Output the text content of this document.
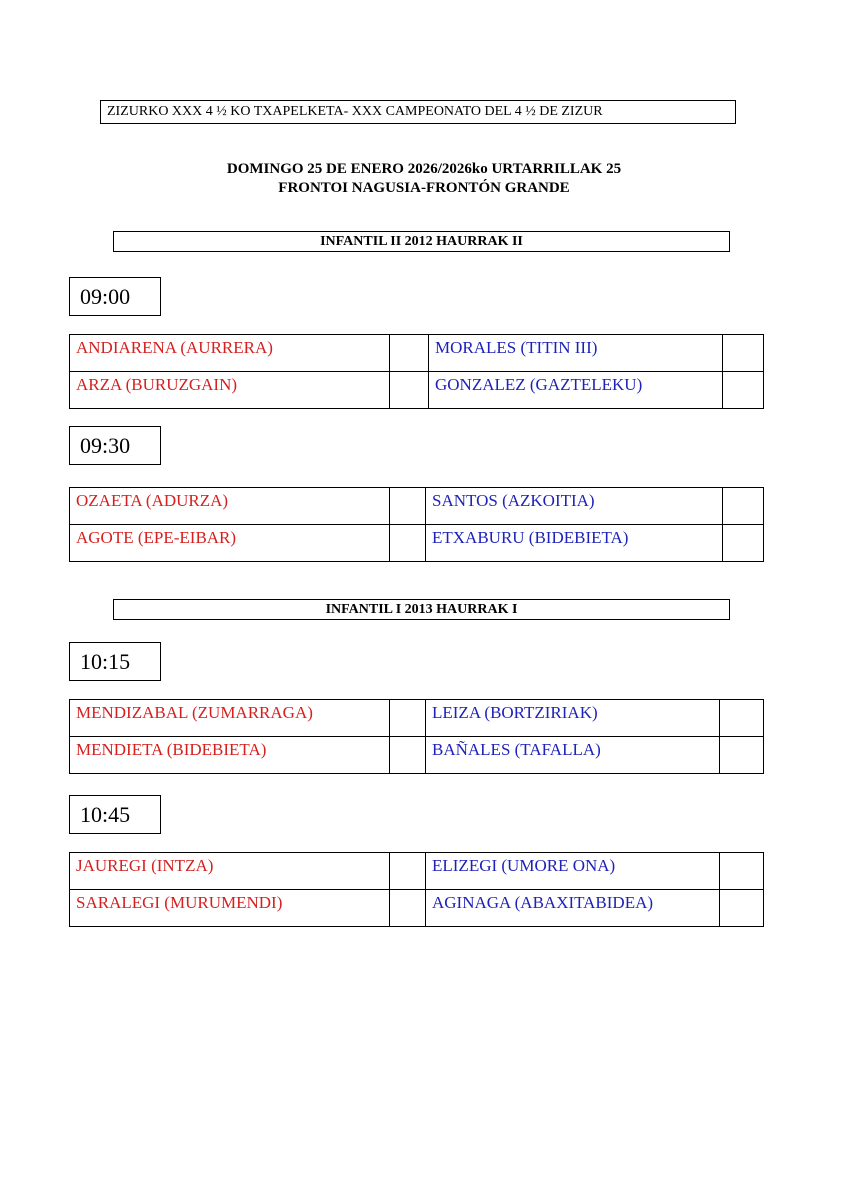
ZIZURKO XXX 4 ½ KO TXAPELKETA- XXX CAMPEONATO DEL 4 ½ DE ZIZUR
DOMINGO 25 DE ENERO 2026/2026ko URTARRILLAK 25
FRONTOI NAGUSIA-FRONTÓN GRANDE
INFANTIL II 2012 HAURRAK II
09:00
ANDIARENA (AURRERA)		MORALES (TITIN III)	
ARZA (BURUZGAIN)		GONZALEZ (GAZTELEKU)	
09:30
OZAETA (ADURZA)		SANTOS (AZKOITIA)	
AGOTE (EPE-EIBAR)		ETXABURU (BIDEBIETA)	
INFANTIL I 2013 HAURRAK I
10:15
MENDIZABAL (ZUMARRAGA)		LEIZA (BORTZIRIAK)	
MENDIETA (BIDEBIETA)		BAÑALES (TAFALLA)	
10:45
JAUREGI (INTZA)		ELIZEGI (UMORE ONA)	
SARALEGI (MURUMENDI)		AGINAGA (ABAXITABIDEA)	
